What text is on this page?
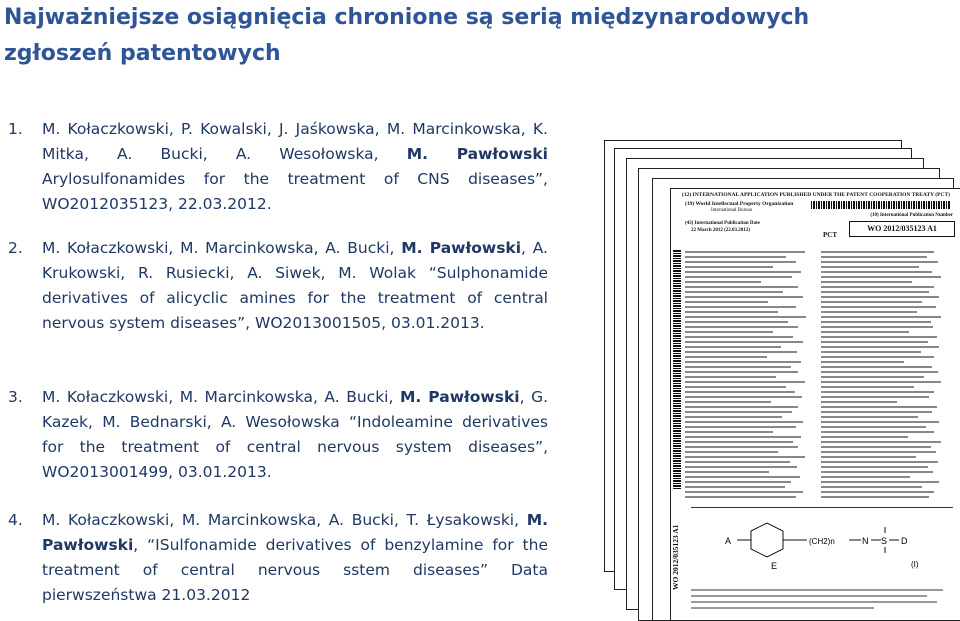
Najważniejsze osiągnięcia chronione są serią międzynarodowych zgłoszeń patentowych
1. M. Kołaczkowski, P. Kowalski, J. Jaśkowska, M. Marcinkowska, K. Mitka, A. Bucki, A. Wesołowska, M. Pawłowski Arylosulfonamides for the treatment of CNS diseases”, WO2012035123, 22.03.2012.
2. M. Kołaczkowski, M. Marcinkowska, A. Bucki, M. Pawłowski, A. Krukowski, R. Rusiecki, A. Siwek, M. Wolak “Sulphonamide derivatives of alicyclic amines for the treatment of central nervous system diseases”, WO2013001505, 03.01.2013.
3. M. Kołaczkowski, M. Marcinkowska, A. Bucki, M. Pawłowski, G. Kazek, M. Bednarski, A. Wesołowska “Indoleamine derivatives for the treatment of central nervous system diseases”, WO2013001499, 03.01.2013.
4. M. Kołaczkowski, M. Marcinkowska, A. Bucki, T. Łysakowski, M. Pawłowski, “ISulfonamide derivatives of benzylamine for the treatment of central nervous sstem diseases” Data pierwszeństwa 21.03.2012
(12) INTERNATIONAL APPLICATION PUBLISHED UNDER THE PATENT COOPERATION TREATY (PCT)
(19) World Intellectual Property Organization
International Bureau
(43) International Publication Date
22 March 2012 (22.03.2012)
PCT
(10) International Publication Number
WO 2012/035123 A1
WO 2012/035123 A1	A
E
(CH2)n	N S D
(I)
